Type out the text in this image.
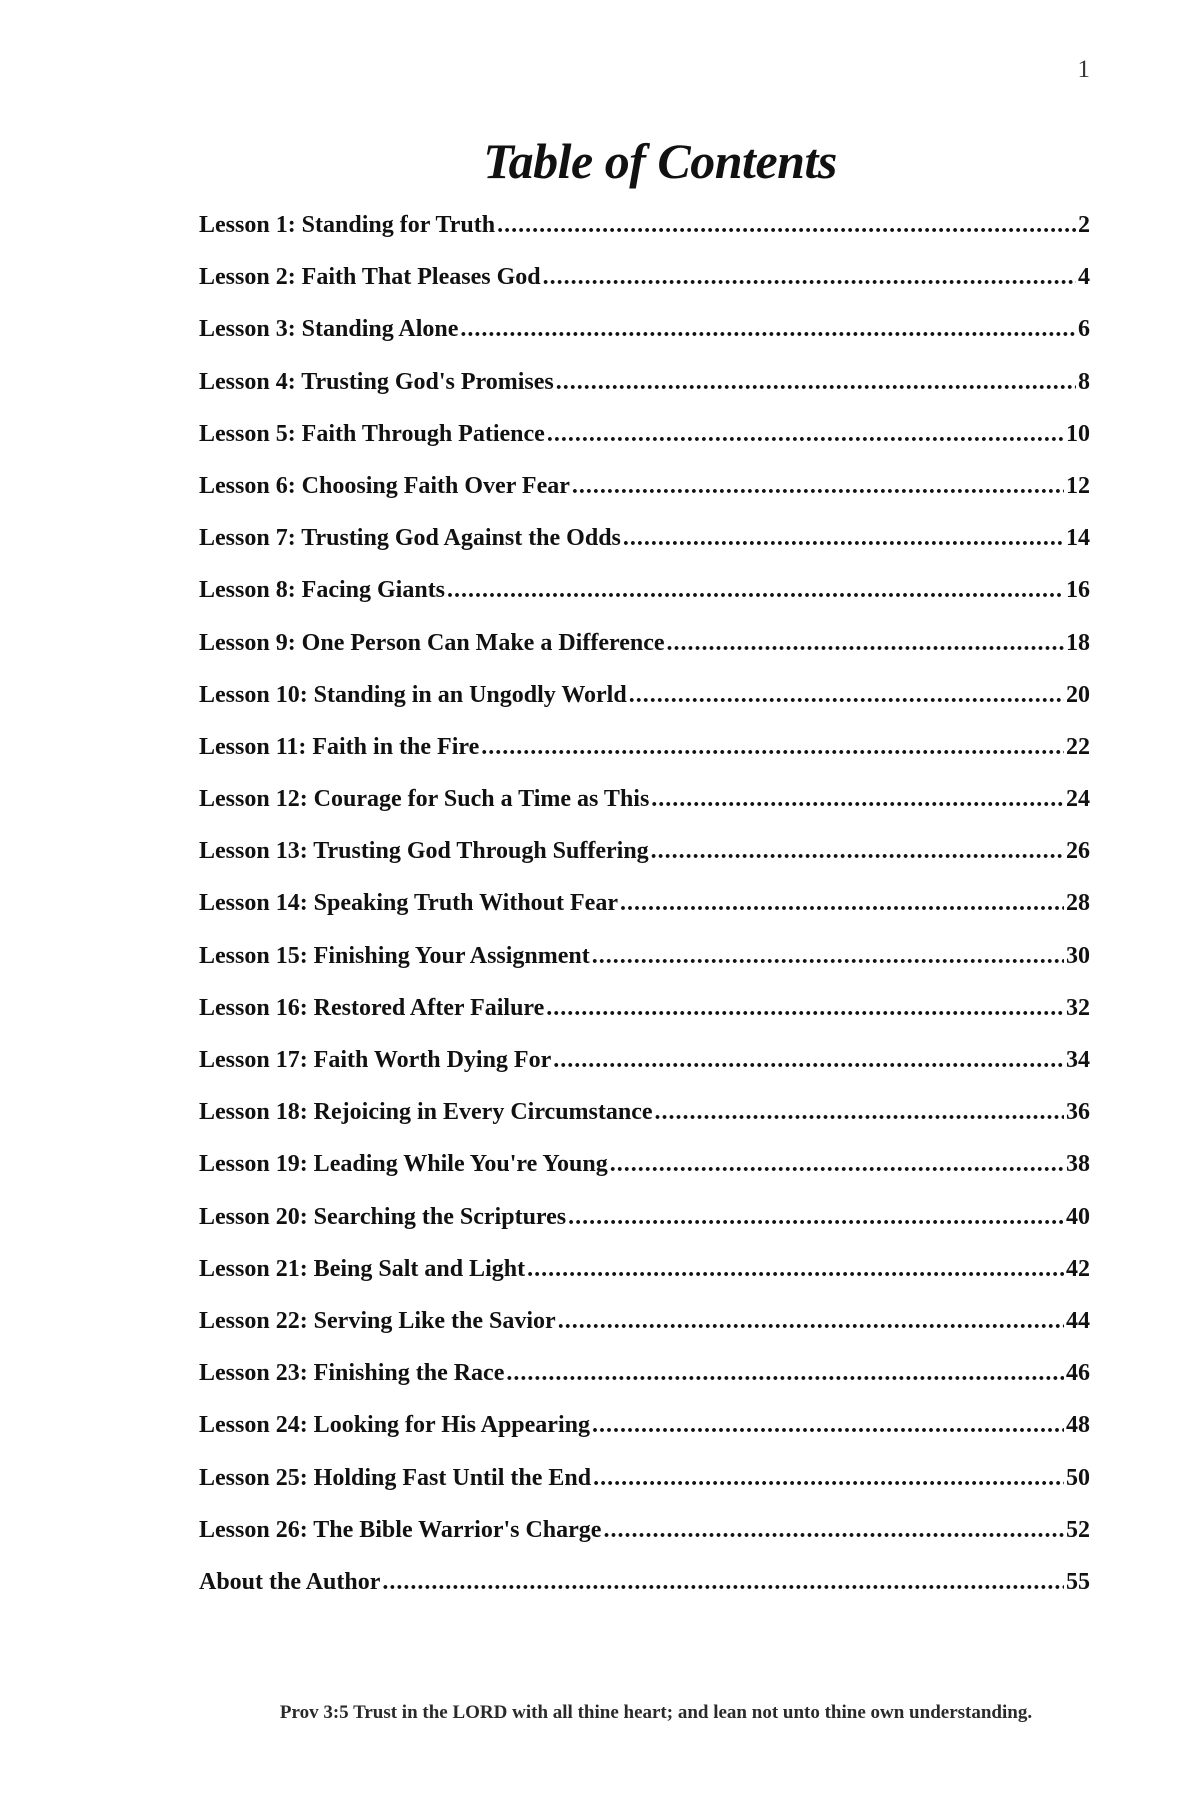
1
Table of Contents
Lesson 1: Standing for Truth .....	2
Lesson 2: Faith That Pleases God .....	4
Lesson 3: Standing Alone .....	6
Lesson 4: Trusting God's Promises .....	8
Lesson 5: Faith Through Patience .....	10
Lesson 6: Choosing Faith Over Fear .....	12
Lesson 7: Trusting God Against the Odds .....	14
Lesson 8: Facing Giants .....	16
Lesson 9: One Person Can Make a Difference .....	18
Lesson 10: Standing in an Ungodly World .....	20
Lesson 11: Faith in the Fire .....	22
Lesson 12: Courage for Such a Time as This .....	24
Lesson 13: Trusting God Through Suffering .....	26
Lesson 14: Speaking Truth Without Fear .....	28
Lesson 15: Finishing Your Assignment .....	30
Lesson 16: Restored After Failure .....	32
Lesson 17: Faith Worth Dying For .....	34
Lesson 18: Rejoicing in Every Circumstance .....	36
Lesson 19: Leading While You're Young .....	38
Lesson 20: Searching the Scriptures .....	40
Lesson 21: Being Salt and Light .....	42
Lesson 22: Serving Like the Savior .....	44
Lesson 23: Finishing the Race .....	46
Lesson 24: Looking for His Appearing .....	48
Lesson 25: Holding Fast Until the End .....	50
Lesson 26: The Bible Warrior's Charge .....	52
About the Author .....	55
Prov 3:5 Trust in the LORD with all thine heart; and lean not unto thine own understanding.
